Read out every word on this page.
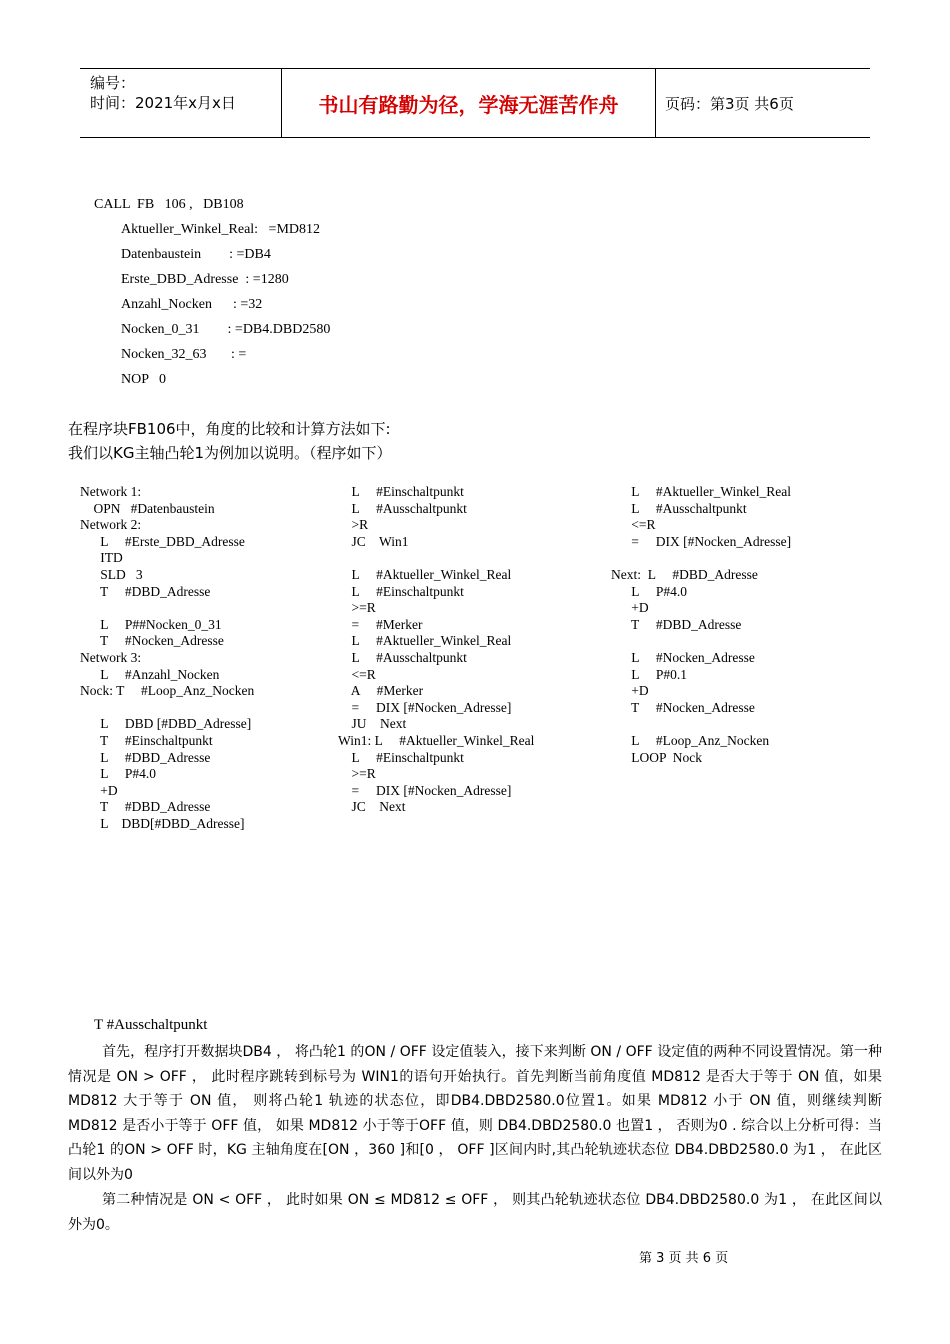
编号：
时间：2021年x月x日	书山有路勤为径，学海无涯苦作舟	页码：第3页 共6页
CALL  FB   106 ,   DB108
Aktueller_Winkel_Real:   =MD812
Datenbaustein        : =DB4
Erste_DBD_Adresse  : =1280
Anzahl_Nocken      : =32
Nocken_0_31        : =DB4.DBD2580
Nocken_32_63       : =
NOP   0
在程序块FB106中，角度的比较和计算方法如下:
我们以KG主轴凸轮1为例加以说明。（程序如下）
Network 1:
OPN   #Datenbaustein
Network 2:
L     #Erste_DBD_Adresse
ITD
SLD   3
T     #DBD_Adresse
L     P##Nocken_0_31
T     #Nocken_Adresse
Network 3:
L     #Anzahl_Nocken
Nock: T     #Loop_Anz_Nocken
L     DBD [#DBD_Adresse]
T     #Einschaltpunkt
L     #DBD_Adresse
L     P#4.0
+D
T     #DBD_Adresse
L    DBD[#DBD_Adresse]
L     #Einschaltpunkt
L     #Ausschaltpunkt
>R
JC    Win1
L     #Aktueller_Winkel_Real
L     #Einschaltpunkt
>=R
=     #Merker
L     #Aktueller_Winkel_Real
L     #Ausschaltpunkt
<=R
A     #Merker
=     DIX [#Nocken_Adresse]
JU    Next
Win1: L     #Aktueller_Winkel_Real
L     #Einschaltpunkt
>=R
=     DIX [#Nocken_Adresse]
JC    Next
L     #Aktueller_Winkel_Real
L     #Ausschaltpunkt
<=R
=     DIX [#Nocken_Adresse]
Next:  L     #DBD_Adresse
L     P#4.0
+D
T     #DBD_Adresse
L     #Nocken_Adresse
L     P#0.1
+D
T     #Nocken_Adresse
L     #Loop_Anz_Nocken
LOOP  Nock
T #Ausschaltpunkt
首先，程序打开数据块DB4 ， 将凸轮1 的ON / OFF 设定值装入，接下来判断 ON / OFF 设定值的两种不同设置情况。第一种情况是 ON > OFF ， 此时程序跳转到标号为 WIN1的语句开始执行。首先判断当前角度值 MD812 是否大于等于 ON 值，如果 MD812 大于等于 ON 值， 则将凸轮1 轨迹的状态位，即DB4.DBD2580.0位置1。如果 MD812 小于 ON 值，则继续判断 MD812 是否小于等于 OFF 值， 如果 MD812 小于等于OFF 值，则 DB4.DBD2580.0 也置1 ， 否则为0 . 综合以上分析可得：当凸轮1 的ON > OFF 时，KG 主轴角度在[ON ，360 ]和[0 ， OFF ]区间内时,其凸轮轨迹状态位 DB4.DBD2580.0 为1 ， 在此区间以外为0
第二种情况是 ON < OFF ， 此时如果 ON ≤ MD812 ≤ OFF ， 则其凸轮轨迹状态位 DB4.DBD2580.0 为1 ， 在此区间以外为0。
第 3 页 共 6 页
